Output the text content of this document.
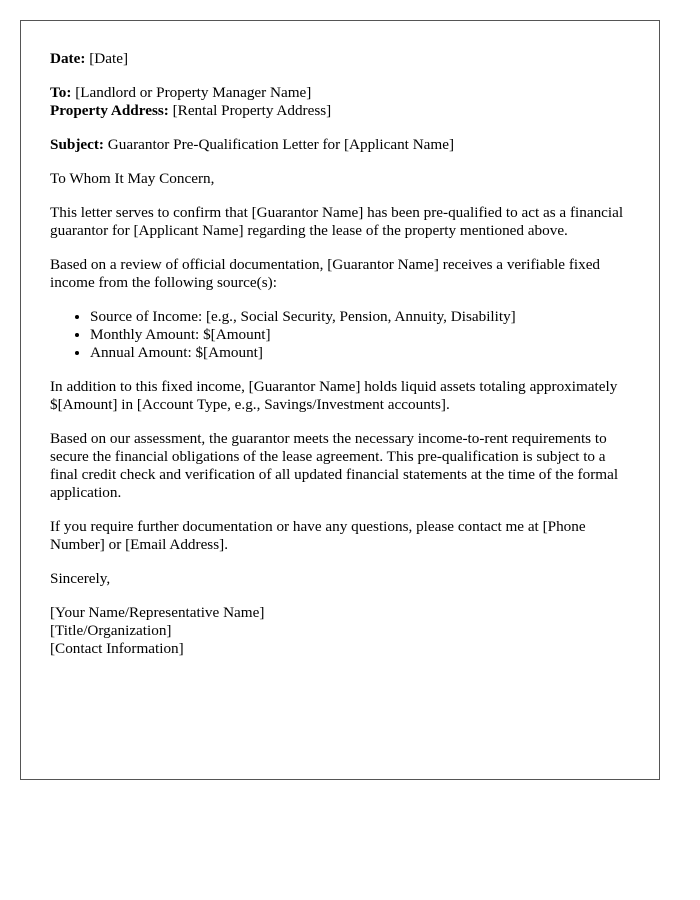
Date: [Date]
To: [Landlord or Property Manager Name]
Property Address: [Rental Property Address]
Subject: Guarantor Pre-Qualification Letter for [Applicant Name]

To Whom It May Concern,

This letter serves to confirm that [Guarantor Name] has been pre-qualified to act as a financial guarantor for [Applicant Name] regarding the lease of the property mentioned above.

Based on a review of official documentation, [Guarantor Name] receives a verifiable fixed income from the following source(s):

• Source of Income: [e.g., Social Security, Pension, Annuity, Disability]
• Monthly Amount: $[Amount]
• Annual Amount: $[Amount]

In addition to this fixed income, [Guarantor Name] holds liquid assets totaling approximately $[Amount] in [Account Type, e.g., Savings/Investment accounts].

Based on our assessment, the guarantor meets the necessary income-to-rent requirements to secure the financial obligations of the lease agreement. This pre-qualification is subject to a final credit check and verification of all updated financial statements at the time of the formal application.

If you require further documentation or have any questions, please contact me at [Phone Number] or [Email Address].

Sincerely,

[Your Name/Representative Name]
[Title/Organization]
[Contact Information]
